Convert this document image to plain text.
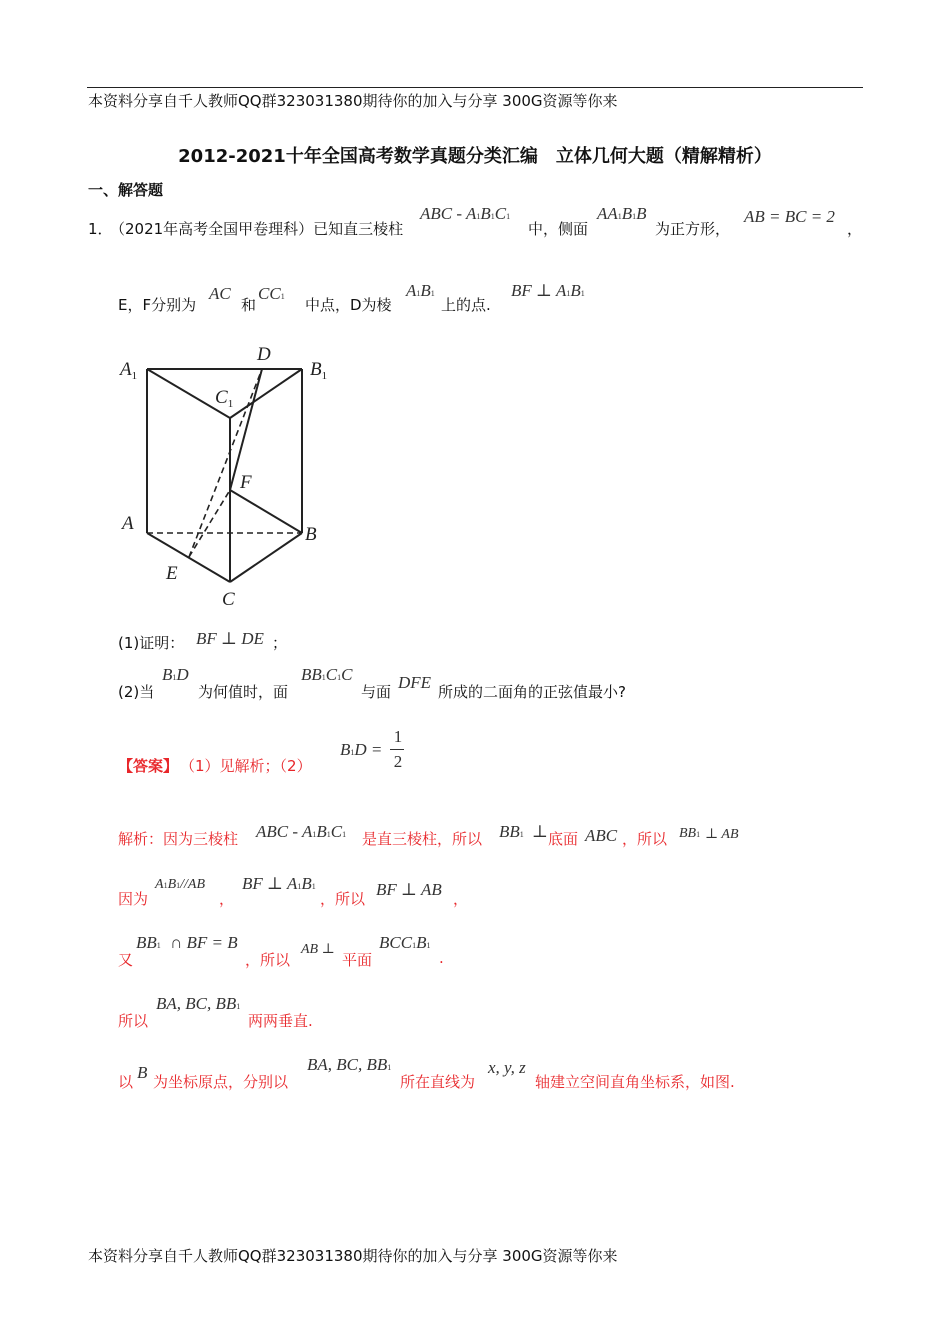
本资料分享自千人教师QQ群323031380期待你的加入与分享 300G资源等你来
2012-2021十年全国高考数学真题分类汇编　立体几何大题（精解精析）
一、解答题
1．
（2021年高考全国甲卷理科）已知直三棱柱
ABC - A1B1C1
中，侧面
AA1B1B
为正方形，
AB = BC = 2
，
E，F分别为
AC
和
CC1 中点，D为棱
A1B1
上的点.
BF ⊥ A1B1
$A_1$	$B_1$
$C_1$
D
F
A
B
E
C
(1)证明： BF ⊥ DE ；
(2)当
B1D
为何值时，面
BB1C1C
与面 DFE 所成的二面角的正弦值最小?
【答案】 （1）见解析；（2）
B1D =
1
2
解析：因为三棱柱 ABC - A1B1C1 是直三棱柱，所以 BB1 ⊥ 底面 ABC ，所以 BB1 ⊥ AB
因为
A1B1//AB
，
BF ⊥ A1B1
，所以 BF ⊥ AB ，
又
BB1 ∩ BF = B
，所以
AB ⊥
平面
BCC1B1
.
所以
BA, BC, BB1
两两垂直.
以 B 为坐标原点，分别以
BA, BC, BB1
所在直线为
x, y, z
轴建立空间直角坐标系，如图.
本资料分享自千人教师QQ群323031380期待你的加入与分享 300G资源等你来
